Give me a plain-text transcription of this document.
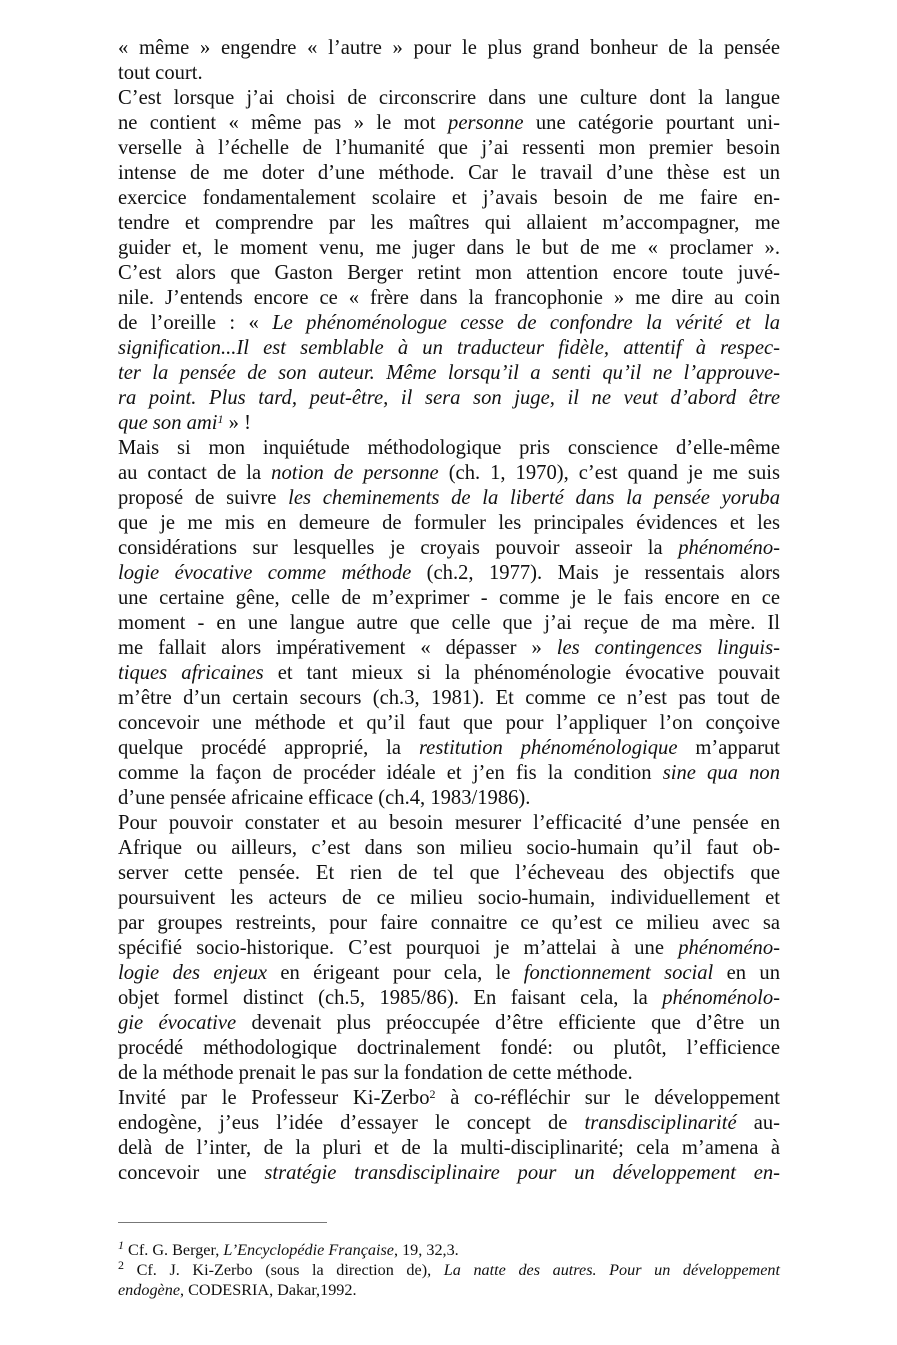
« même » engendre « l’autre » pour le plus grand bonheur de la pensée
tout court.
C’est lorsque j’ai choisi de circonscrire dans une culture dont la langue
ne contient « même pas » le mot personne une catégorie pourtant uni-
verselle à l’échelle de l’humanité que j’ai ressenti mon premier besoin
intense de me doter d’une méthode. Car le travail d’une thèse est un
exercice fondamentalement scolaire et j’avais besoin de me faire en-
tendre et comprendre par les maîtres qui allaient m’accompagner, me
guider et, le moment venu, me juger dans le but de me « proclamer ».
C’est alors que Gaston Berger retint mon attention encore toute juvé-
nile. J’entends encore ce « frère dans la francophonie » me dire au coin
de l’oreille : « Le phénoménologue cesse de confondre la vérité et la
signification...Il est semblable à un traducteur fidèle, attentif à respec-
ter la pensée de son auteur. Même lorsqu’il a senti qu’il ne l’approuve-
ra point. Plus tard, peut-être, il sera son juge, il ne veut d’abord être
que son ami$^1$ » !
Mais si mon inquiétude méthodologique pris conscience d’elle-même
au contact de la notion de personne (ch. 1, 1970), c’est quand je me suis
proposé de suivre les cheminements de la liberté dans la pensée yoruba
que je me mis en demeure de formuler les principales évidences et les
considérations sur lesquelles je croyais pouvoir asseoir la phénoméno-
logie évocative comme méthode (ch.2, 1977). Mais je ressentais alors
une certaine gêne, celle de m’exprimer - comme je le fais encore en ce
moment - en une langue autre que celle que j’ai reçue de ma mère. Il
me fallait alors impérativement « dépasser » les contingences linguis-
tiques africaines et tant mieux si la phénoménologie évocative pouvait
m’être d’un certain secours (ch.3, 1981). Et comme ce n’est pas tout de
concevoir une méthode et qu’il faut que pour l’appliquer l’on conçoive
quelque procédé approprié, la restitution phénoménologique m’apparut
comme la façon de procéder idéale et j’en fis la condition sine qua non
d’une pensée africaine efficace (ch.4, 1983/1986).
Pour pouvoir constater et au besoin mesurer l’efficacité d’une pensée en
Afrique ou ailleurs, c’est dans son milieu socio-humain qu’il faut ob-
server cette pensée. Et rien de tel que l’écheveau des objectifs que
poursuivent les acteurs de ce milieu socio-humain, individuellement et
par groupes restreints, pour faire connaitre ce qu’est ce milieu avec sa
spécifié socio-historique. C’est pourquoi je m’attelai à une phénoméno-
logie des enjeux en érigeant pour cela, le fonctionnement social en un
objet formel distinct (ch.5, 1985/86). En faisant cela, la phénoménolo-
gie évocative devenait plus préoccupée d’être efficiente que d’être un
procédé méthodologique doctrinalement fondé: ou plutôt, l’efficience
de la méthode prenait le pas sur la fondation de cette méthode.
Invité par le Professeur Ki-Zerbo$^2$ à co-réfléchir sur le développement
endogène, j’eus l’idée d’essayer le concept de transdisciplinarité au-
delà de l’inter, de la pluri et de la multi-disciplinarité; cela m’amena à
concevoir une stratégie transdisciplinaire pour un développement en-
$^1$ Cf. G. Berger, L’Encyclopédie Française, 19, 32,3.
$^2$ Cf. J. Ki-Zerbo (sous la direction de), La natte des autres. Pour un développement
endogène, CODESRIA, Dakar,1992.
